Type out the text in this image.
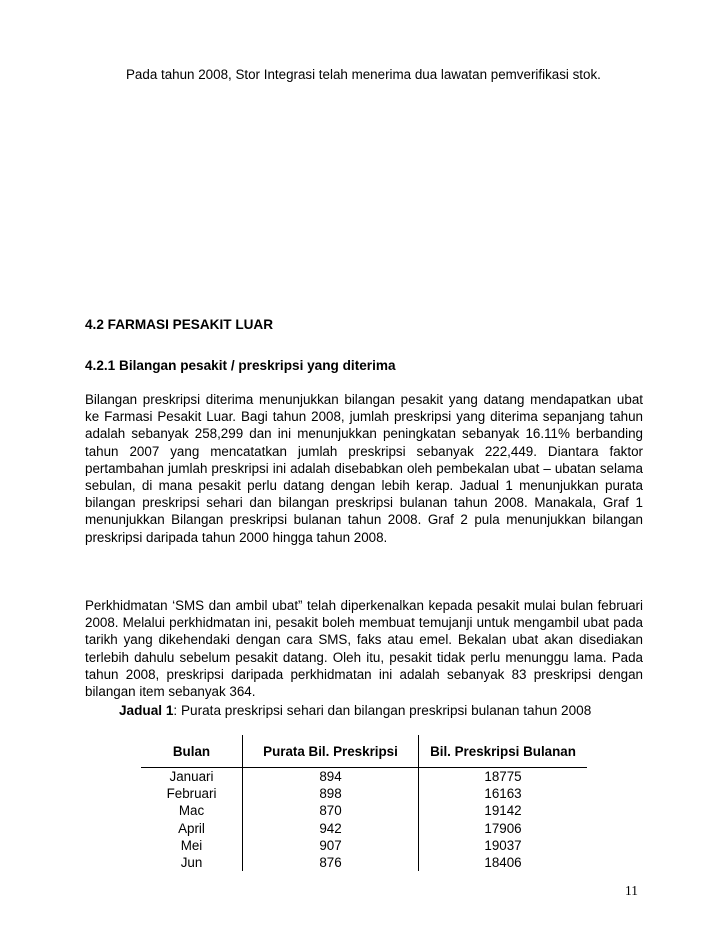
Pada tahun 2008, Stor Integrasi telah menerima dua lawatan pemverifikasi stok.
4.2 FARMASI PESAKIT LUAR
4.2.1 Bilangan pesakit / preskripsi yang diterima

Bilangan preskripsi diterima menunjukkan bilangan pesakit yang datang mendapatkan ubat ke Farmasi Pesakit Luar. Bagi tahun 2008, jumlah preskripsi yang diterima sepanjang tahun adalah sebanyak 258,299 dan ini menunjukkan peningkatan sebanyak 16.11% berbanding tahun 2007 yang mencatatkan jumlah preskripsi sebanyak 222,449. Diantara faktor pertambahan jumlah preskripsi ini adalah disebabkan oleh pembekalan ubat – ubatan selama sebulan, di mana pesakit perlu datang dengan lebih kerap. Jadual 1 menunjukkan purata bilangan preskripsi sehari dan bilangan preskripsi bulanan tahun 2008. Manakala, Graf 1 menunjukkan Bilangan preskripsi bulanan tahun 2008. Graf 2 pula menunjukkan bilangan preskripsi daripada tahun 2000 hingga tahun 2008.

Perkhidmatan ‘SMS dan ambil ubat” telah diperkenalkan kepada pesakit mulai bulan februari 2008. Melalui perkhidmatan ini, pesakit boleh membuat temujanji untuk mengambil ubat pada tarikh yang dikehendaki dengan cara SMS, faks atau emel. Bekalan ubat akan disediakan terlebih dahulu sebelum pesakit datang. Oleh itu, pesakit tidak perlu menunggu lama. Pada tahun 2008, preskripsi daripada perkhidmatan ini adalah sebanyak 83 preskripsi dengan bilangan item sebanyak 364.

Jadual 1: Purata preskripsi sehari dan bilangan preskripsi bulanan tahun 2008
Bulan	Purata Bil. Preskripsi	Bil. Preskripsi Bulanan
Januari	894	18775
Februari	898	16163
Mac	870	19142
April	942	17906
Mei	907	19037
Jun	876	18406
11
